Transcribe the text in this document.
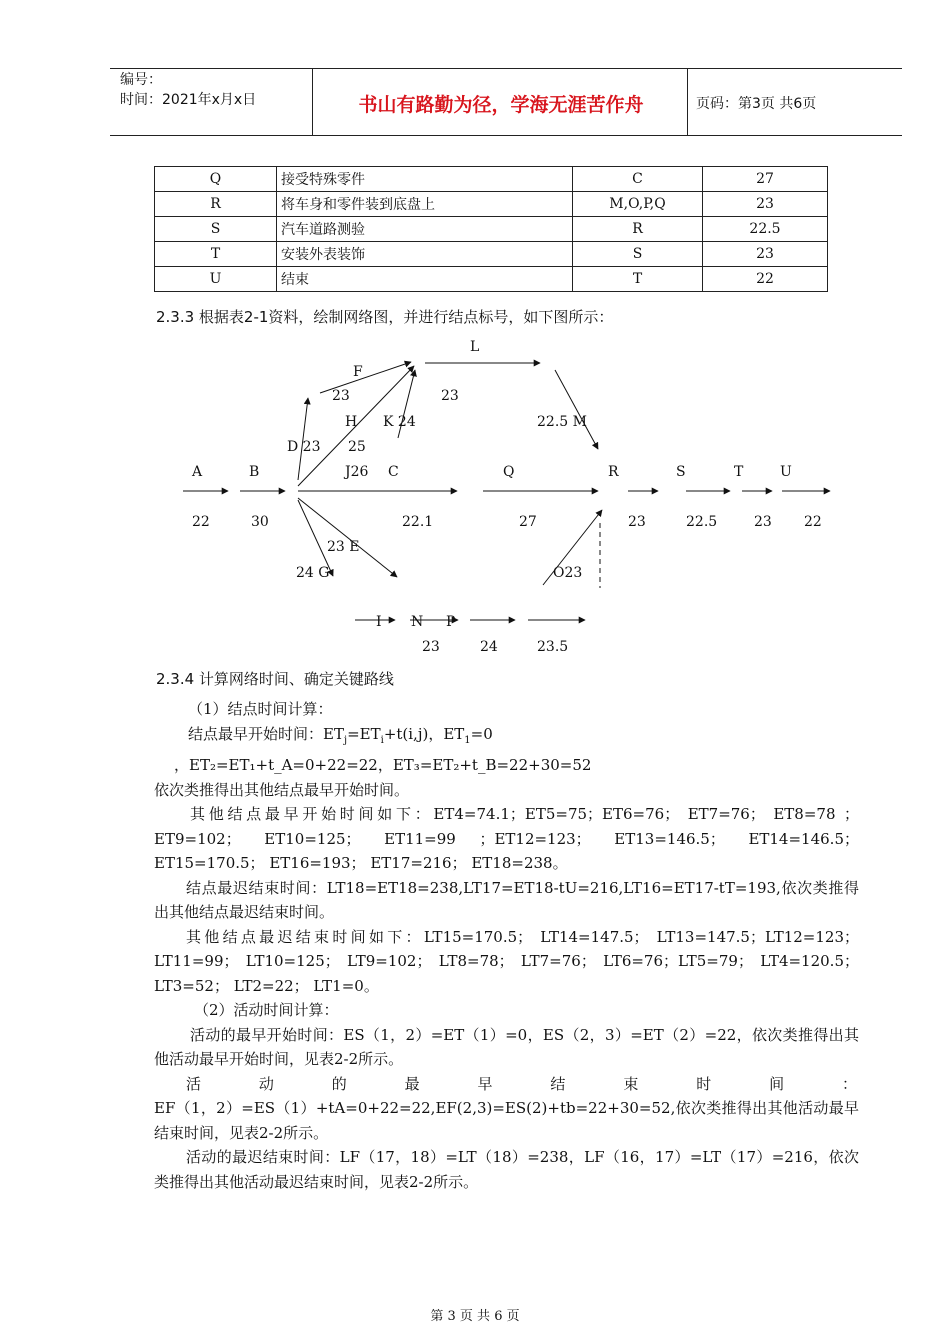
编号：
时间：2021年x月x日	书山有路勤为径，学海无涯苦作舟	页码：第3页 共6页
Q	接受特殊零件	C	27
R	将车身和零件装到底盘上	M,O,P,Q	23
S	汽车道路测验	R	22.5
T	安装外表装饰	S	23
U	结束	T	22
2.3.3 根据表2-1资料，绘制网络图，并进行结点标号，如下图所示：
L
F
23	23
H K 24	22.5 M
D 23 25
A	B	J26 C	Q	R	S	T	U
22	30	22.1	27	23	22.5	23 22
23 E
24 G	O23
I N P
23	24	23.5
2.3.4 计算网络时间、确定关键路线

（1）结点时间计算：

结点最早开始时间：$ET_j=ET_i+t(i,j)$，$ET_1=0$

，ET₂=ET₁+t_A=0+22=22，ET₃=ET₂+t_B=22+30=52

依次类推得出其他结点最早开始时间。

其他结点最早开始时间如下：ET4=74.1；ET5=75；ET6=76； ET7=76； ET8=78 ；ET9=102； ET10=125； ET11=99 ；ET12=123； ET13=146.5； ET14=146.5；ET15=170.5； ET16=193； ET17=216； ET18=238。

结点最迟结束时间：LT18=ET18=238,LT17=ET18-tU=216,LT16=ET17-tT=193,依次类推得出其他结点最迟结束时间。

其他结点最迟结束时间如下：LT15=170.5； LT14=147.5； LT13=147.5；LT12=123； LT11=99； LT10=125； LT9=102； LT8=78； LT7=76； LT6=76；LT5=79； LT4=120.5； LT3=52； LT2=22； LT1=0。

（2）活动时间计算：

活动的最早开始时间：ES（1，2）=ET（1）=0，ES（2，3）=ET（2）=22，依次类推得出其他活动最早开始时间，见表2-2所示。

活动的最早结束时间：

EF（1，2）=ES（1）+tA=0+22=22,EF(2,3)=ES(2)+tb=22+30=52,依次类推得出其他活动最早结束时间，见表2-2所示。

活动的最迟结束时间：LF（17，18）=LT（18）=238，LF（16，17）=LT（17）=216，依次类推得出其他活动最迟结束时间，见表2-2所示。

第 3 页 共 6 页
